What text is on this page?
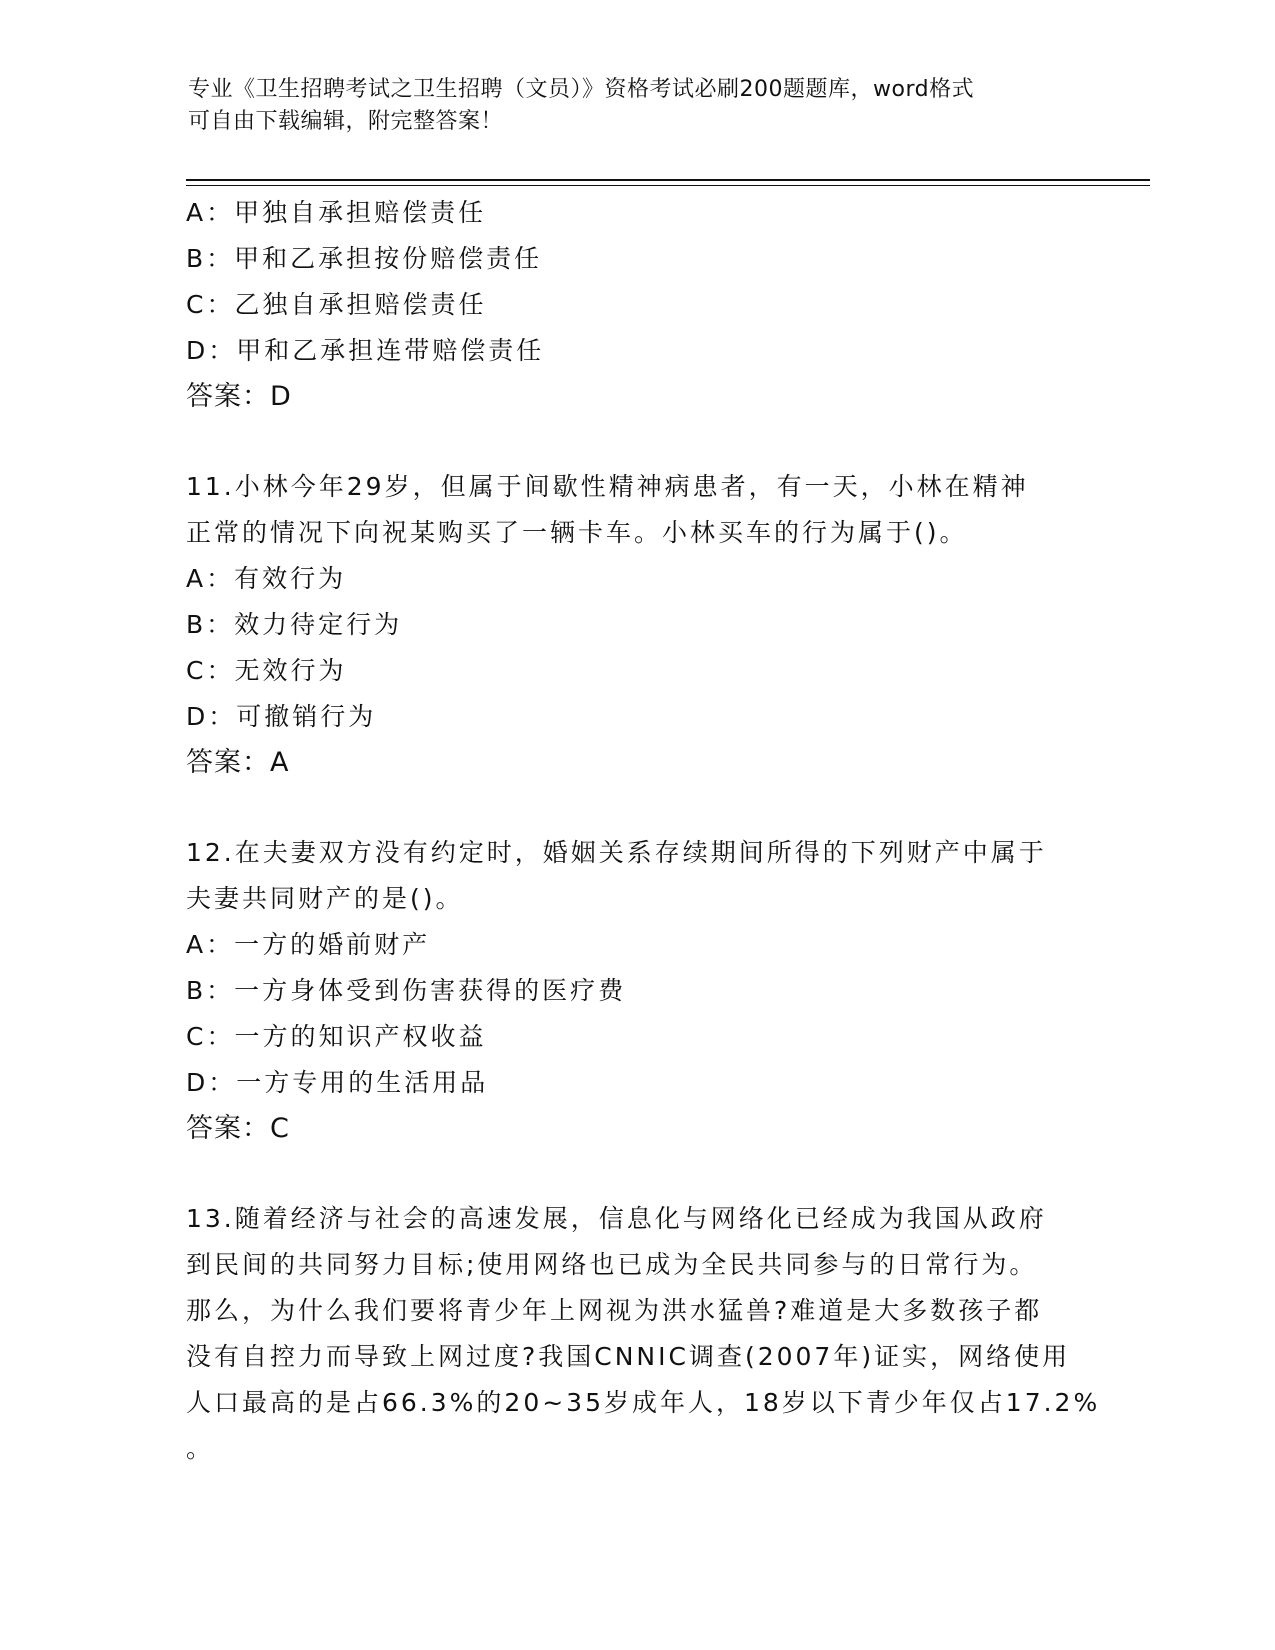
专业《卫生招聘考试之卫生招聘（文员）》资格考试必刷200题题库，word格式
可自由下载编辑，附完整答案！
A：甲独自承担赔偿责任
B：甲和乙承担按份赔偿责任
C：乙独自承担赔偿责任
D：甲和乙承担连带赔偿责任
答案：D
11.小林今年29岁，但属于间歇性精神病患者，有一天，小林在精神
正常的情况下向祝某购买了一辆卡车。小林买车的行为属于()。
A：有效行为
B：效力待定行为
C：无效行为
D：可撤销行为
答案：A
12.在夫妻双方没有约定时，婚姻关系存续期间所得的下列财产中属于
夫妻共同财产的是()。
A：一方的婚前财产
B：一方身体受到伤害获得的医疗费
C：一方的知识产权收益
D：一方专用的生活用品
答案：C
13.随着经济与社会的高速发展，信息化与网络化已经成为我国从政府
到民间的共同努力目标;使用网络也已成为全民共同参与的日常行为。
那么，为什么我们要将青少年上网视为洪水猛兽?难道是大多数孩子都
没有自控力而导致上网过度?我国CNNIC调查(2007年)证实，网络使用
人口最高的是占66.3%的20~35岁成年人，18岁以下青少年仅占17.2%
。
